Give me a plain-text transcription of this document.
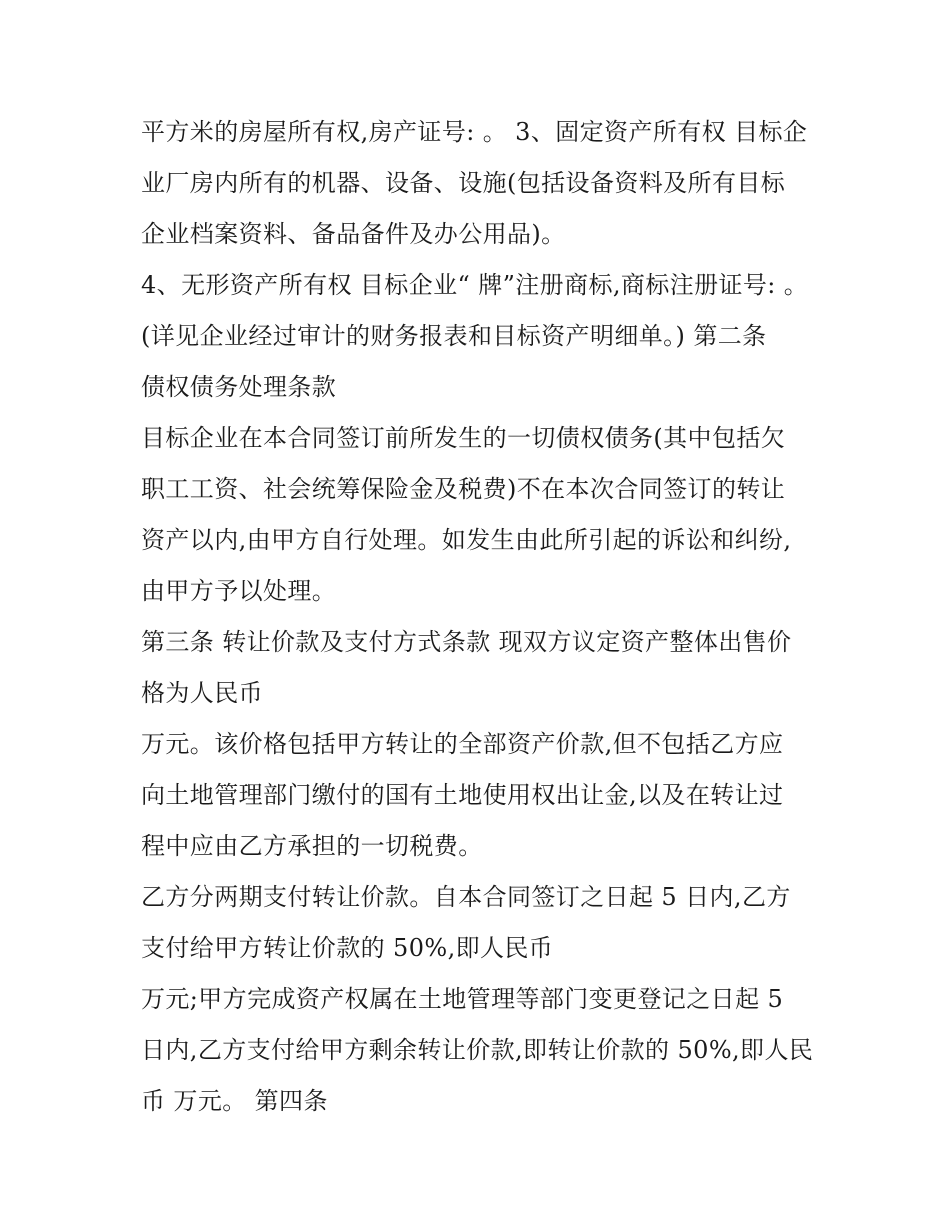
平方米的房屋所有权,房产证号: 。 3、固定资产所有权 目标企
业厂房内所有的机器、设备、设施(包括设备资料及所有目标
企业档案资料、备品备件及办公用品)。
4、无形资产所有权 目标企业“ 牌”注册商标,商标注册证号: 。
(详见企业经过审计的财务报表和目标资产明细单。) 第二条
债权债务处理条款
目标企业在本合同签订前所发生的一切债权债务(其中包括欠
职工工资、社会统筹保险金及税费)不在本次合同签订的转让
资产以内,由甲方自行处理。如发生由此所引起的诉讼和纠纷,
由甲方予以处理。
第三条 转让价款及支付方式条款 现双方议定资产整体出售价
格为人民币
万元。该价格包括甲方转让的全部资产价款,但不包括乙方应
向土地管理部门缴付的国有土地使用权出让金,以及在转让过
程中应由乙方承担的一切税费。
乙方分两期支付转让价款。自本合同签订之日起 5 日内,乙方
支付给甲方转让价款的 50%,即人民币
万元;甲方完成资产权属在土地管理等部门变更登记之日起 5
日内,乙方支付给甲方剩余转让价款,即转让价款的 50%,即人民
币 万元。 第四条
